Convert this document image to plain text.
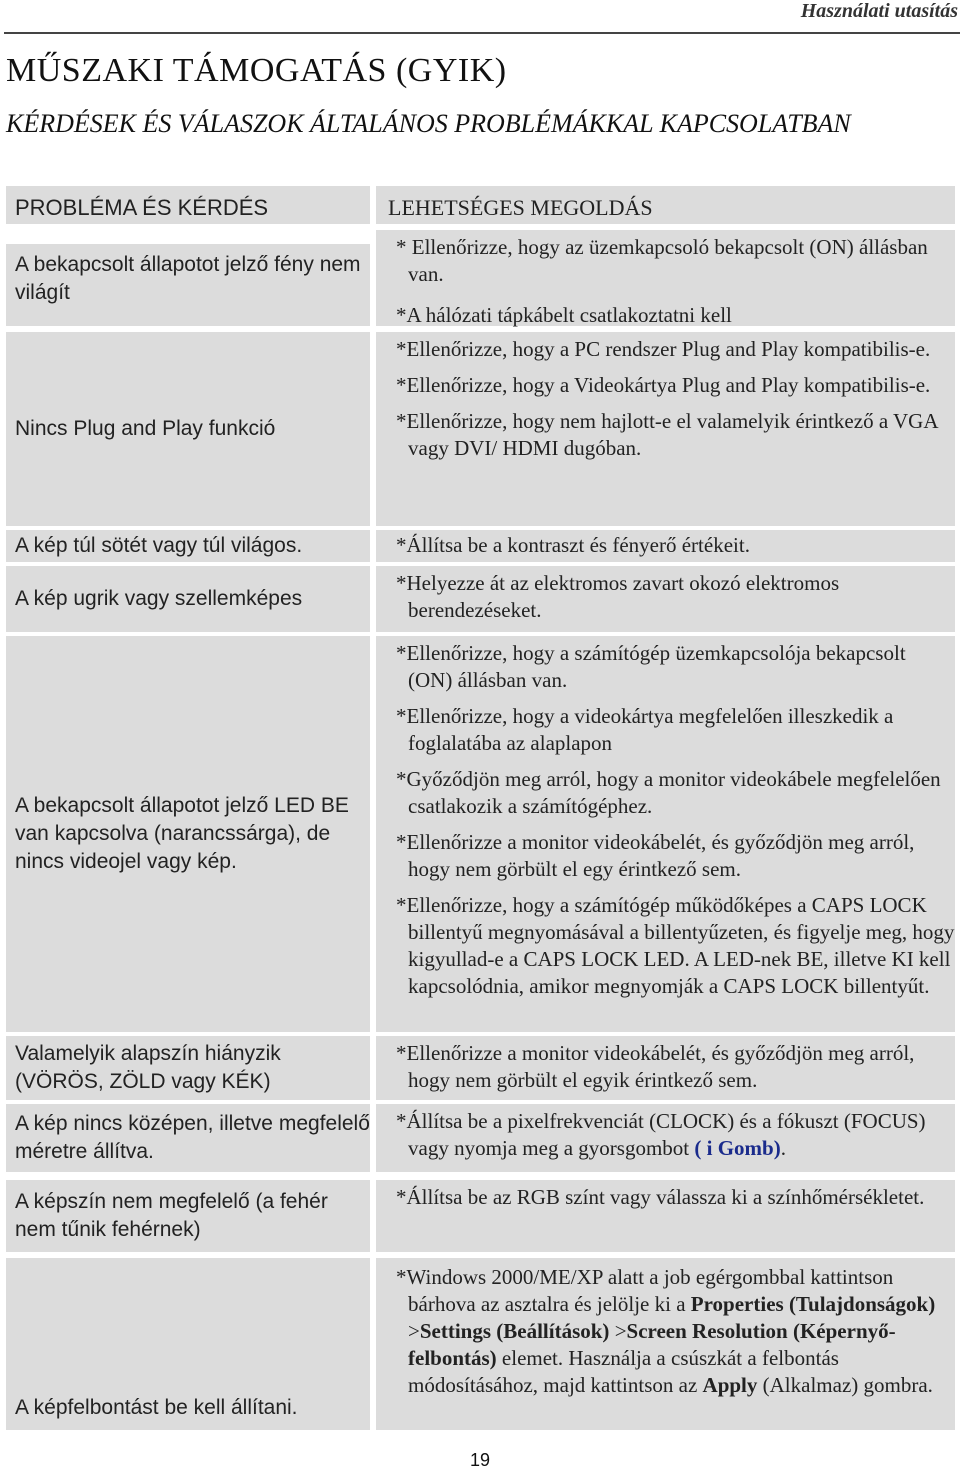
Használati utasítás
MŰSZAKI TÁMOGATÁS (GYIK)
KÉRDÉSEK ÉS VÁLASZOK ÁLTALÁNOS PROBLÉMÁKKAL KAPCSOLATBAN
PROBLÉMA ÉS KÉRDÉS	LEHETSÉGES MEGOLDÁS
A bekapcsolt állapotot jelző fény nem világít

* Ellenőrizze, hogy az üzemkapcsoló bekapcsolt (ON) állásban van.

*A hálózati tápkábelt csatlakoztatni kell

Nincs Plug and Play funkció

*Ellenőrizze, hogy a PC rendszer Plug and Play kompatibilis-e.

*Ellenőrizze, hogy a Videokártya Plug and Play kompatibilis-e.

*Ellenőrizze, hogy nem hajlott-e el valamelyik érintkező a VGA vagy DVI/ HDMI dugóban.

A kép túl sötét vagy túl világos.	*Állítsa be a kontraszt és fényerő értékeit.

A kép ugrik vagy szellemképes

*Helyezze át az elektromos zavart okozó elektromos berendezéseket.

A bekapcsolt állapotot jelző LED BE van kapcsolva (narancssárga), de nincs videojel vagy kép.

*Ellenőrizze, hogy a számítógép üzemkapcsolója bekapcsolt (ON) állásban van.

*Ellenőrizze, hogy a videokártya megfelelően illeszkedik a foglalatába az alaplapon

*Győződjön meg arról, hogy a monitor videokábele megfelelően csatlakozik a számítógéphez.

*Ellenőrizze a monitor videokábelét, és győződjön meg arról, hogy nem görbült el egy érintkező sem.

*Ellenőrizze, hogy a számítógép működőképes a CAPS LOCK billentyű megnyomásával a billentyűzeten, és figyelje meg, hogy kigyullad-e a CAPS LOCK LED. A LED-nek BE, illetve KI kell kapcsolódnia, amikor megnyomják a CAPS LOCK billentyűt.

Valamelyik alapszín hiányzik (VÖRÖS, ZÖLD vagy KÉK)

*Ellenőrizze a monitor videokábelét, és győződjön meg arról, hogy nem görbült el egyik érintkező sem.

A kép nincs középen, illetve megfelelő méretre állítva.

*Állítsa be a pixelfrekvenciát (CLOCK) és a fókuszt (FOCUS) vagy nyomja meg a gyorsgombot ( i Gomb).

A képszín nem megfelelő (a fehér nem tűnik fehérnek)

*Állítsa be az RGB színt vagy válassza ki a színhőmérsékletet.

A képfelbontást be kell állítani.

*Windows 2000/ME/XP alatt a job egérgombbal kattintson bárhova az asztalra és jelölje ki a Properties (Tulajdonságok) >Settings (Beállítások) >Screen Resolution (Képernyő-felbontás) elemet. Használja a csúszkát a felbontás módosításához, majd kattintson az Apply (Alkalmaz) gombra.

19
